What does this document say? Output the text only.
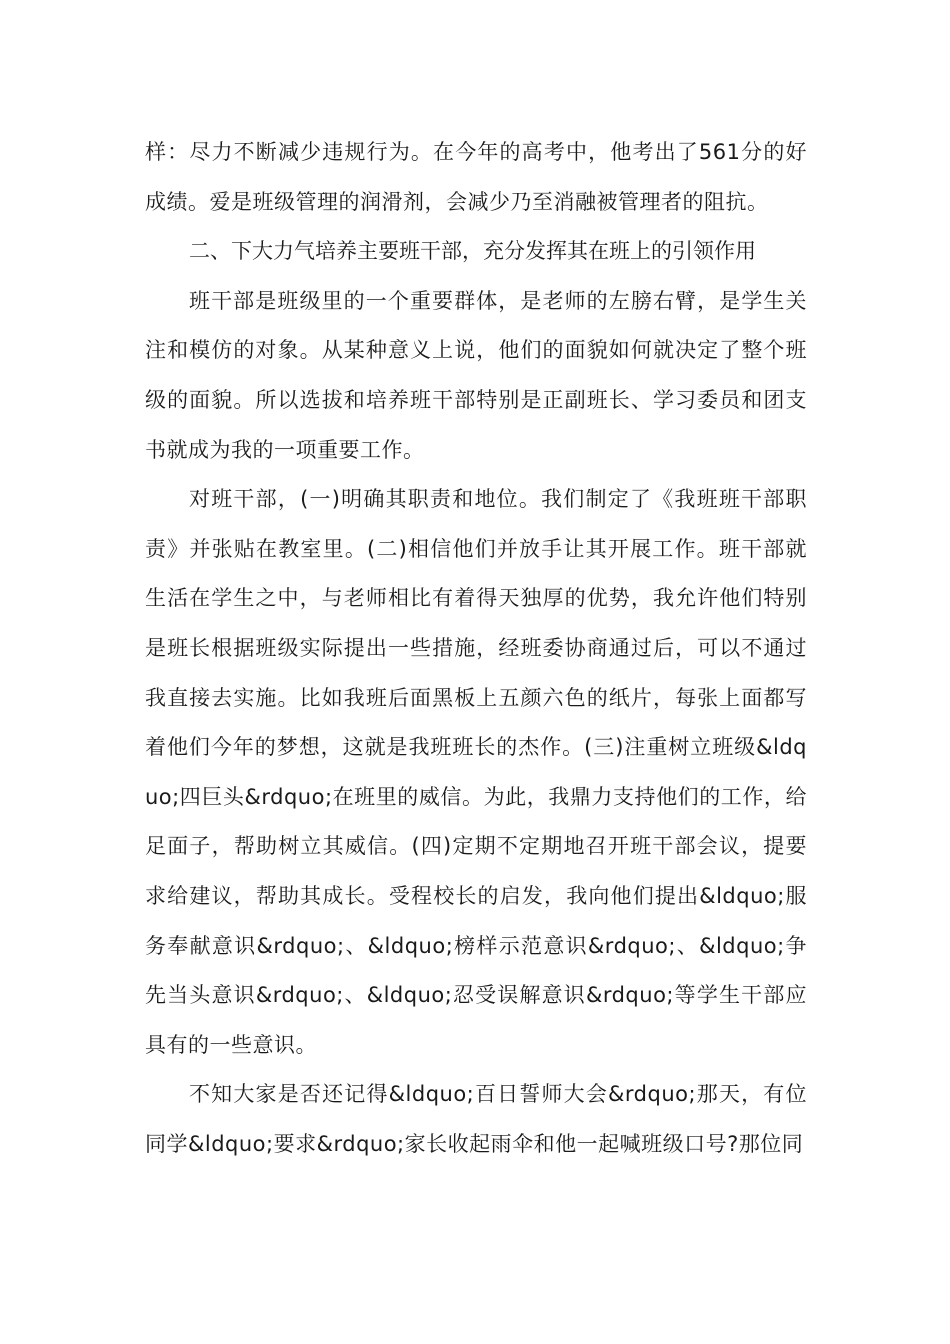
样：尽力不断减少违规行为。在今年的高考中，他考出了561分的好成绩。爱是班级管理的润滑剂，会减少乃至消融被管理者的阻抗。

二、下大力气培养主要班干部，充分发挥其在班上的引领作用

班干部是班级里的一个重要群体，是老师的左膀右臂，是学生关注和模仿的对象。从某种意义上说，他们的面貌如何就决定了整个班级的面貌。所以选拔和培养班干部特别是正副班长、学习委员和团支书就成为我的一项重要工作。

对班干部，(一)明确其职责和地位。我们制定了《我班班干部职责》并张贴在教室里。(二)相信他们并放手让其开展工作。班干部就生活在学生之中，与老师相比有着得天独厚的优势，我允许他们特别是班长根据班级实际提出一些措施，经班委协商通过后，可以不通过我直接去实施。比如我班后面黑板上五颜六色的纸片，每张上面都写着他们今年的梦想，这就是我班班长的杰作。(三)注重树立班级&ldquo;四巨头&rdquo;在班里的威信。为此，我鼎力支持他们的工作，给足面子，帮助树立其威信。(四)定期不定期地召开班干部会议，提要求给建议，帮助其成长。受程校长的启发，我向他们提出&ldquo;服务奉献意识&rdquo;、&ldquo;榜样示范意识&rdquo;、&ldquo;争先当头意识&rdquo;、&ldquo;忍受误解意识&rdquo;等学生干部应具有的一些意识。

不知大家是否还记得&ldquo;百日誓师大会&rdquo;那天，有位同学&ldquo;要求&rdquo;家长收起雨伞和他一起喊班级口号?那位同
